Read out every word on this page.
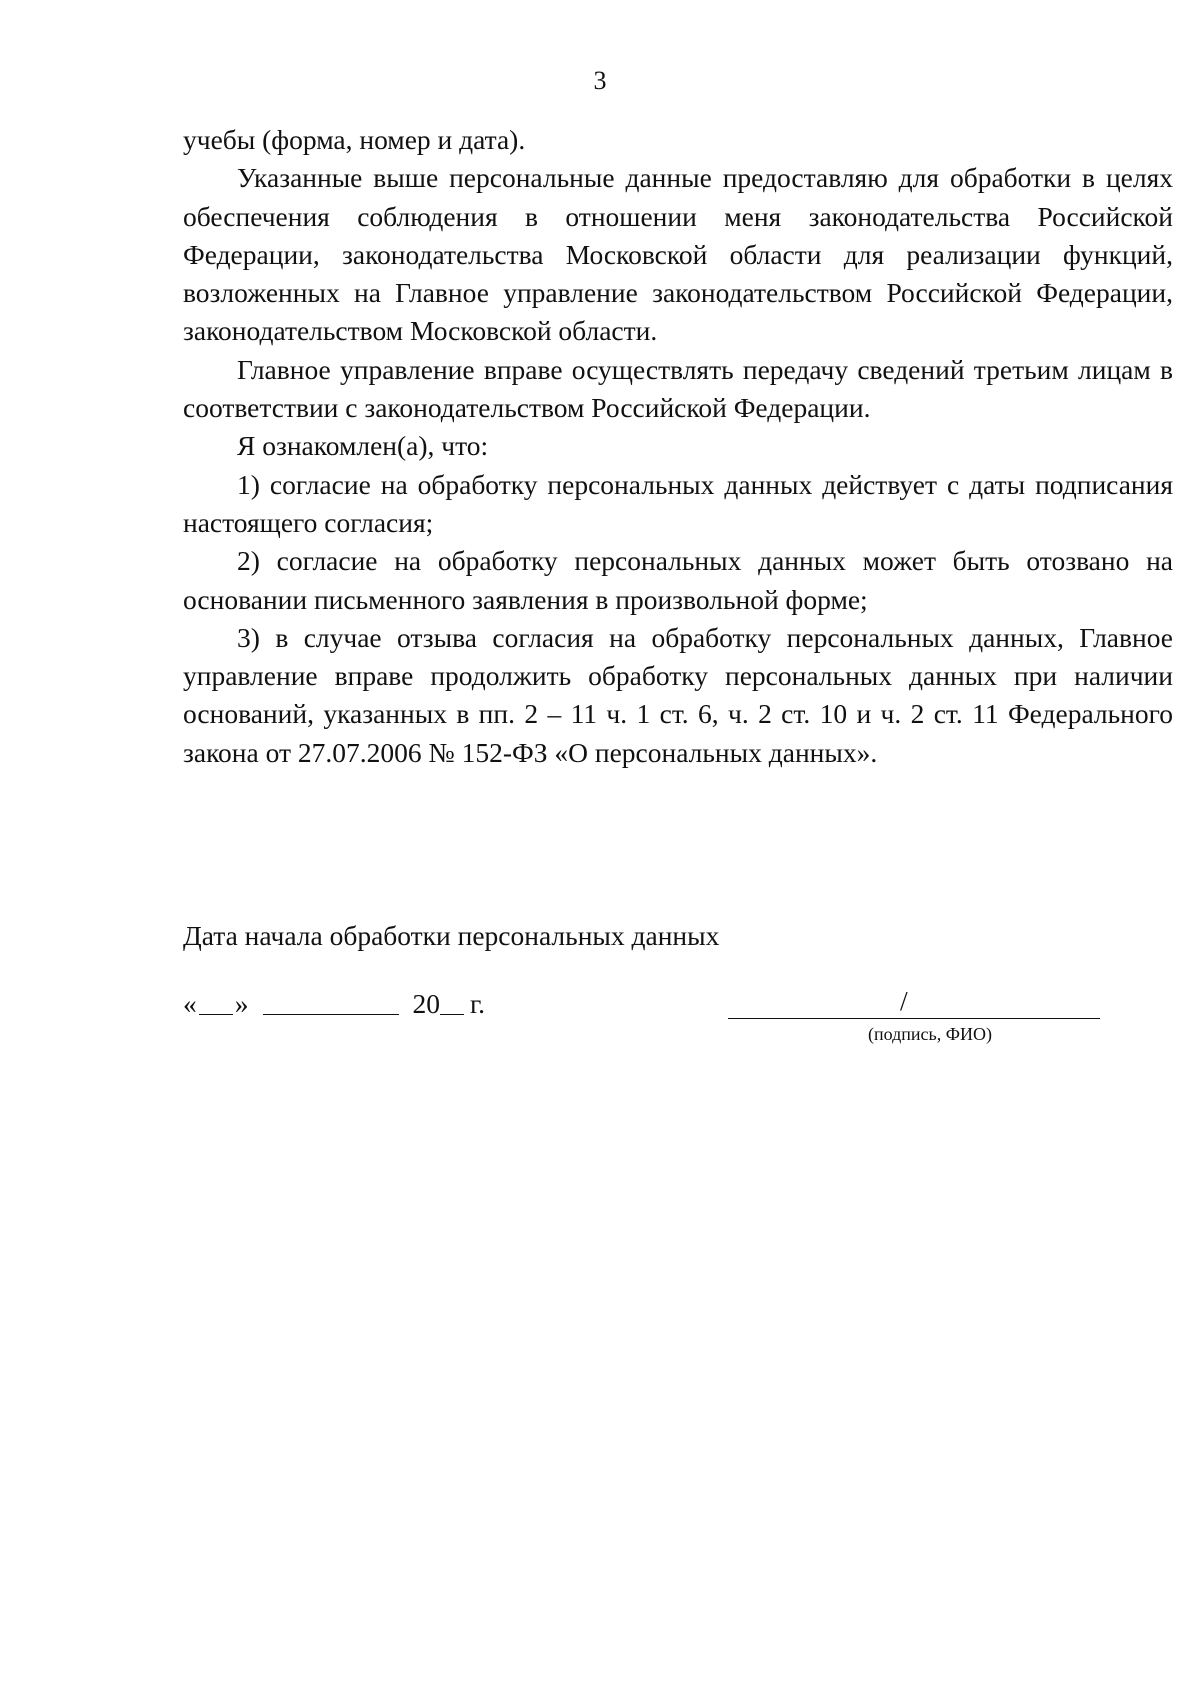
3

учебы (форма, номер и дата).

Указанные выше персональные данные предоставляю для обработки в целях обеспечения соблюдения в отношении меня законодательства Российской Федерации, законодательства Московской области для реализации функций, возложенных на Главное управление законодательством Российской Федерации, законодательством Московской области.

Главное управление вправе осуществлять передачу сведений третьим лицам в соответствии с законодательством Российской Федерации.

Я ознакомлен(а), что:

1) согласие на обработку персональных данных действует с даты подписания настоящего согласия;

2) согласие на обработку персональных данных может быть отозвано на основании письменного заявления в произвольной форме;

3) в случае отзыва согласия на обработку персональных данных, Главное управление вправе продолжить обработку персональных данных при наличии оснований, указанных в пп. 2 – 11 ч. 1 ст. 6, ч. 2 ст. 10 и ч. 2 ст. 11 Федерального закона от 27.07.2006 № 152-ФЗ «О персональных данных».

Дата начала обработки персональных данных
« »	20 г.	/
(подпись, ФИО)
